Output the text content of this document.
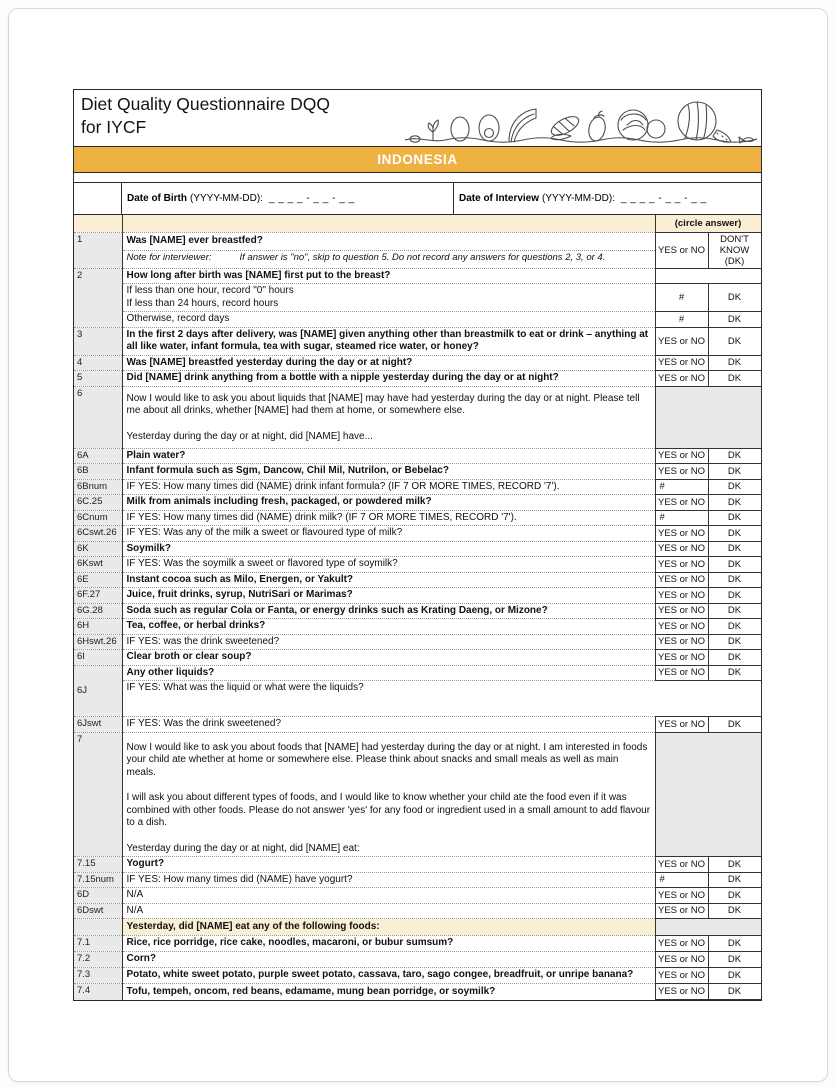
Diet Quality Questionnaire DQQ
for IYCF
INDONESIA
Date of Birth (YYYY-MM-DD): _ _ _ _ - _ _ - _ _	Date of Interview (YYYY-MM-DD): _ _ _ _ - _ _ - _ _
		(circle answer)	
1	Was [NAME] ever breastfed?	YES or NO	DON'T KNOW (DK)
	Note for interviewer: If answer is "no", skip to question 5. Do not record any answers for questions 2, 3, or 4.		
2	How long after birth was [NAME] first put to the breast?		

	If less than one hour, record "0" hours
If less than 24 hours, record hours	#	DK
	Otherwise, record days	#	DK
3	In the first 2 days after delivery, was [NAME] given anything other than breastmilk to eat or drink – anything at all like water, infant formula, tea with sugar, steamed rice water, or honey?	YES or NO	DK
4	Was [NAME] breastfed yesterday during the day or at night?	YES or NO	DK
5	Did [NAME] drink anything from a bottle with a nipple yesterday during the day or at night?	YES or NO	DK
6	Now I would like to ask you about liquids that [NAME] may have had yesterday during the day or at night. Please tell me about all drinks, whether [NAME] had them at home, or somewhere else.
Yesterday during the day or at night, did [NAME] have...		

6A	Plain water?	YES or NO	DK
6B	Infant formula such as Sgm, Dancow, Chil Mil, Nutrilon, or Bebelac?	YES or NO	DK
6Bnum	IF YES: How many times did (NAME) drink infant formula? (IF 7 OR MORE TIMES, RECORD '7').	#	DK
6C.25	Milk from animals including fresh, packaged, or powdered milk?	YES or NO	DK
6Cnum	IF YES: How many times did (NAME) drink milk? (IF 7 OR MORE TIMES, RECORD '7').	#	DK
6Cswt.26	IF YES: Was any of the milk a sweet or flavoured type of milk?	YES or NO	DK
6K	Soymilk?	YES or NO	DK
6Kswt	IF YES: Was the soymilk a sweet or flavored type of soymilk?	YES or NO	DK
6E	Instant cocoa such as Milo, Energen, or Yakult?	YES or NO	DK
6F.27	Juice, fruit drinks, syrup, NutriSari or Marimas?	YES or NO	DK
6G.28	Soda such as regular Cola or Fanta, or energy drinks such as Krating Daeng, or Mizone?	YES or NO	DK
6H	Tea, coffee, or herbal drinks?	YES or NO	DK
6Hswt.26	IF YES: was the drink sweetened?	YES or NO	DK
6I	Clear broth or clear soup?	YES or NO	DK
6J	Any other liquids?	YES or NO	DK
	IF YES: What was the liquid or what were the liquids?		
6Jswt	IF YES: Was the drink sweetened?	YES or NO	DK
7	Now I would like to ask you about foods that [NAME] had yesterday during the day or at night. I am interested in foods your child ate whether at home or somewhere else. Please think about snacks and small meals as well as main meals.
I will ask you about different types of foods, and I would like to know whether your child ate the food even if it was combined with other foods. Please do not answer 'yes' for any food or ingredient used in a small amount to add flavour to a dish.
Yesterday during the day or at night, did [NAME] eat:		

7.15	Yogurt?	YES or NO	DK
7.15num	IF YES: How many times did (NAME) have yogurt?	#	DK
6D	N/A	YES or NO	DK
6Dswt	N/A	YES or NO	DK
	Yesterday, did [NAME] eat any of the following foods:		
7.1	Rice, rice porridge, rice cake, noodles, macaroni, or bubur sumsum?	YES or NO	DK
7.2	Corn?	YES or NO	DK
7.3	Potato, white sweet potato, purple sweet potato, cassava, taro, sago congee, breadfruit, or unripe banana?	YES or NO	DK
7.4	Tofu, tempeh, oncom, red beans, edamame, mung bean porridge, or soymilk?	YES or NO	DK
